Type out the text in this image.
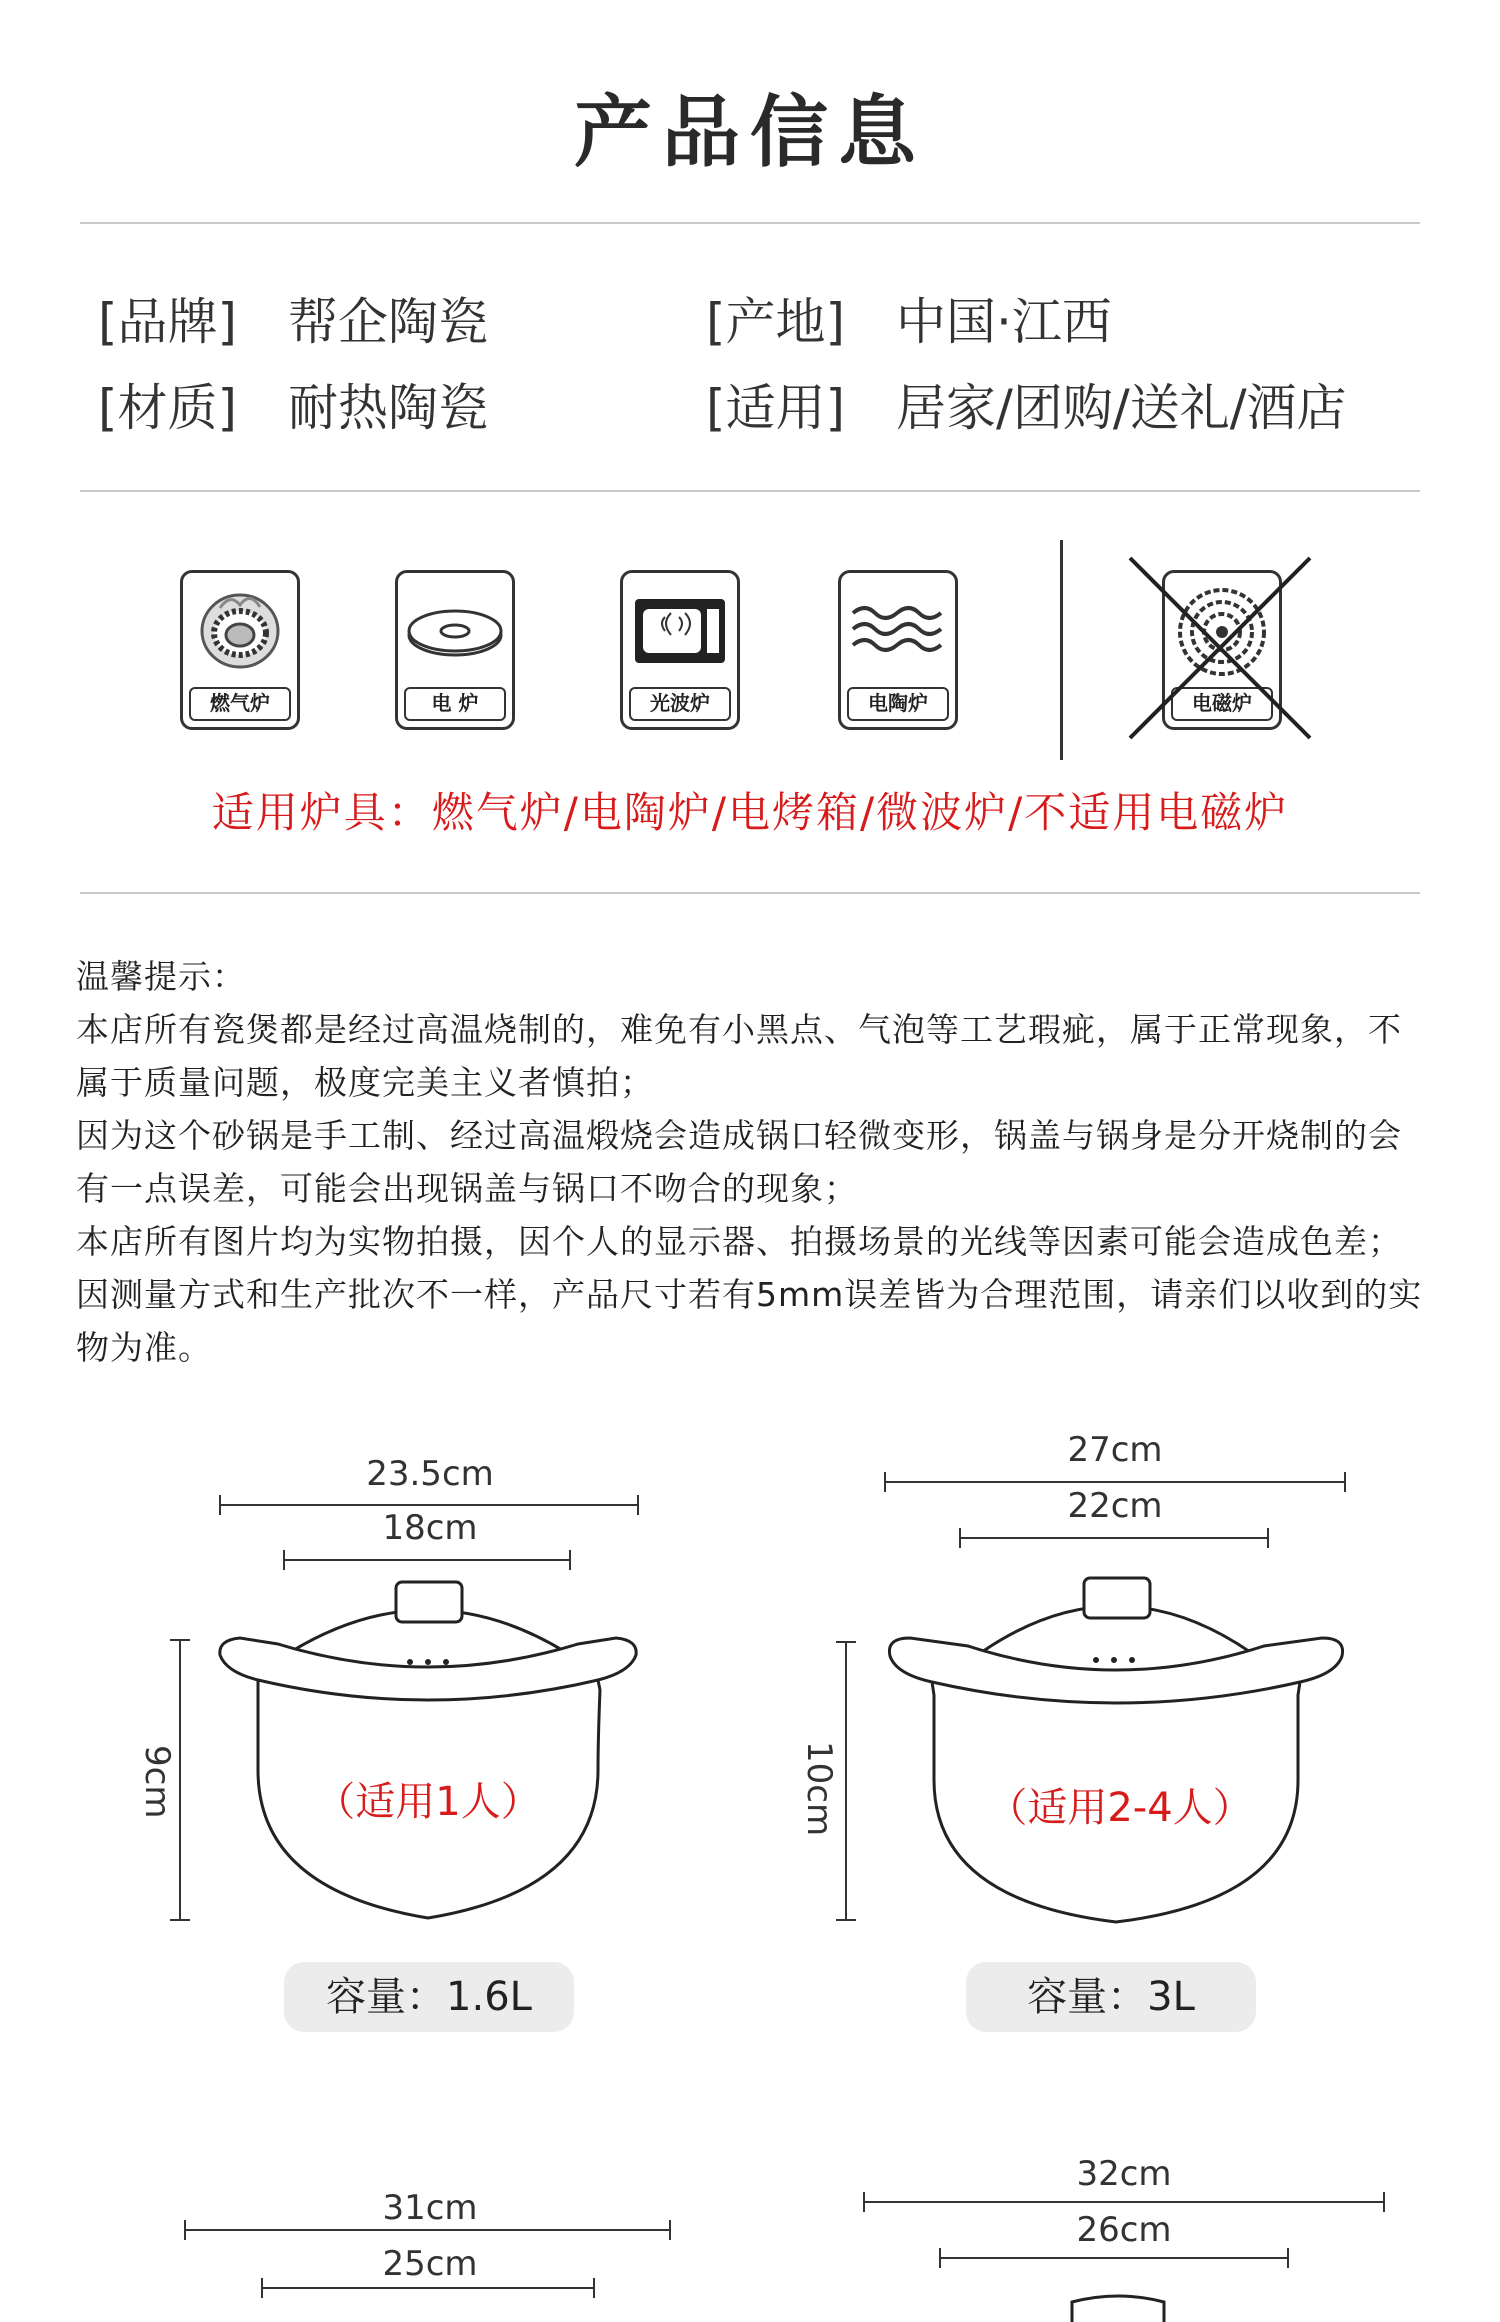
产品信息
[品牌] 帮企陶瓷	[产地] 中国·江西
[材质] 耐热陶瓷	[适用] 居家/团购/送礼/酒店
燃气炉	电 炉	光波炉	电陶炉	电磁炉
适用炉具：燃气炉/电陶炉/电烤箱/微波炉/不适用电磁炉

温馨提示：

本店所有瓷煲都是经过高温烧制的，难免有小黑点、气泡等工艺瑕疵，属于正常现象，不属于质量问题，极度完美主义者慎拍；

因为这个砂锅是手工制、经过高温煅烧会造成锅口轻微变形，锅盖与锅身是分开烧制的会有一点误差，可能会出现锅盖与锅口不吻合的现象；

本店所有图片均为实物拍摄，因个人的显示器、拍摄场景的光线等因素可能会造成色差；

因测量方式和生产批次不一样，产品尺寸若有5mm误差皆为合理范围，请亲们以收到的实物为准。

23.5cm
18cm
9cm	（适用1人）
容量：1.6L
27cm
22cm
10cm	（适用2-4人）
容量：3L
31cm
25cm
32cm
26cm
